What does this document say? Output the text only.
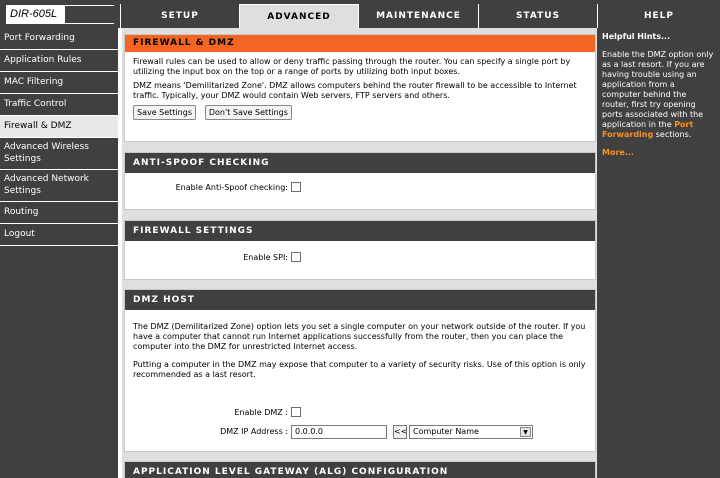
DIR-605L	SETUP	ADVANCED	MAINTENANCE	STATUS	HELP
Port Forwarding
Application Rules
MAC Filtering
Traffic Control
Firewall & DMZ
Advanced Wireless Settings
Advanced Network Settings
Routing
Logout
FIREWALL & DMZ
Firewall rules can be used to allow or deny traffic passing through the router. You can specify a single port by utilizing the input box on the top or a range of ports by utilizing both input boxes.
DMZ means 'Demilitarized Zone'. DMZ allows computers behind the router firewall to be accessible to Internet traffic. Typically, your DMZ would contain Web servers, FTP servers and others.
Save Settings Don't Save Settings
ANTI-SPOOF CHECKING
Enable Anti-Spoof checking:
FIREWALL SETTINGS
Enable SPI:
DMZ HOST
The DMZ (Demilitarized Zone) option lets you set a single computer on your network outside of the router. If you have a computer that cannot run Internet applications successfully from the router, then you can place the computer into the DMZ for unrestricted Internet access.
Putting a computer in the DMZ may expose that computer to a variety of security risks. Use of this option is only recommended as a last resort.
Enable DMZ :
DMZ IP Address : 0.0.0.0	<< Computer Name	▼
APPLICATION LEVEL GATEWAY (ALG) CONFIGURATION
Helpful Hints...
Enable the DMZ option only as a last resort. If you are having trouble using an application from a computer behind the router, first try opening ports associated with the application in the Port Forwarding sections.
More...
